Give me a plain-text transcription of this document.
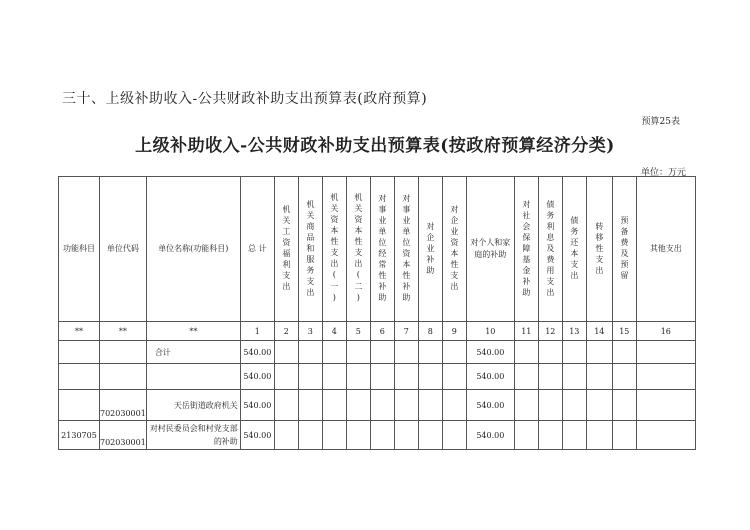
三十、上级补助收入-公共财政补助支出预算表(政府预算)
预算25表
上级补助收入-公共财政补助支出预算表(按政府预算经济分类)
单位：万元
功能科目	单位代码	单位名称(功能科目)	总 计	机关工资福利支出	机关商品和服务支出	机关资本性支出(一)	机关资本性支出(二)	对事业单位经常性补助	对事业单位资本性补助	对企业补助	对企业资本性支出	对个人和家庭的补助	对社会保障基金补助	债务利息及费用支出	债务还本支出	转移性支出	预备费及预留	其他支出
**	**	**	1	2	3	4	5	6	7	8	9	10	11	12	13	14	15	16
		合计	540.00									540.00						
			540.00									540.00						
	702030001	天岳街道政府机关	540.00									540.00						
2130705	702030001	对村民委员会和村党支部的补助	540.00									540.00						
